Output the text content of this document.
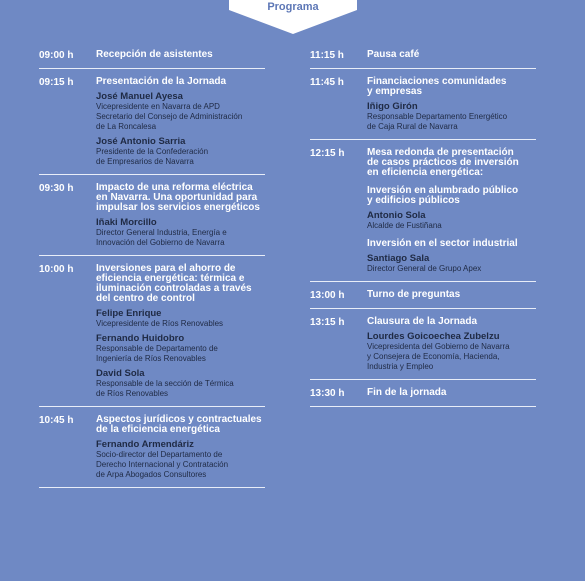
Programa
09:00 h	Recepción de asistentes
09:15 h	Presentación de la Jornada
José Manuel Ayesa
Vicepresidente en Navarra de APD
Secretario del Consejo de Administración
de La Roncalesa
José Antonio Sarria
Presidente de la Confederación
de Empresarios de Navarra
09:30 h	Impacto de una reforma eléctrica
en Navarra. Una oportunidad para
impulsar los servicios energéticos
Iñaki Morcillo
Director General Industria, Energía e
Innovación del Gobierno de Navarra
10:00 h	Inversiones para el ahorro de
eficiencia energética: térmica e
iluminación controladas a través
del centro de control
Felipe Enrique
Vicepresidente de Ríos Renovables
Fernando Huidobro
Responsable de Departamento de
Ingeniería de Ríos Renovables
David Sola
Responsable de la sección de Térmica
de Ríos Renovables
10:45 h	Aspectos jurídicos y contractuales
de la eficiencia energética
Fernando Armendáriz
Socio-director del Departamento de
Derecho Internacional y Contratación
de Arpa Abogados Consultores
11:15 h	Pausa café
11:45 h	Financiaciones comunidades
y empresas
Iñigo Girón
Responsable Departamento Energético
de Caja Rural de Navarra
12:15 h	Mesa redonda de presentación
de casos prácticos de inversión
en eficiencia energética:
Inversión en alumbrado público
y edificios públicos
Antonio Sola
Alcalde de Fustiñana
Inversión en el sector industrial
Santiago Sala
Director General de Grupo Apex
13:00 h	Turno de preguntas
13:15 h	Clausura de la Jornada
Lourdes Goicoechea Zubelzu
Vicepresidenta del Gobierno de Navarra
y Consejera de Economía, Hacienda,
Industria y Empleo
13:30 h	Fin de la jornada
